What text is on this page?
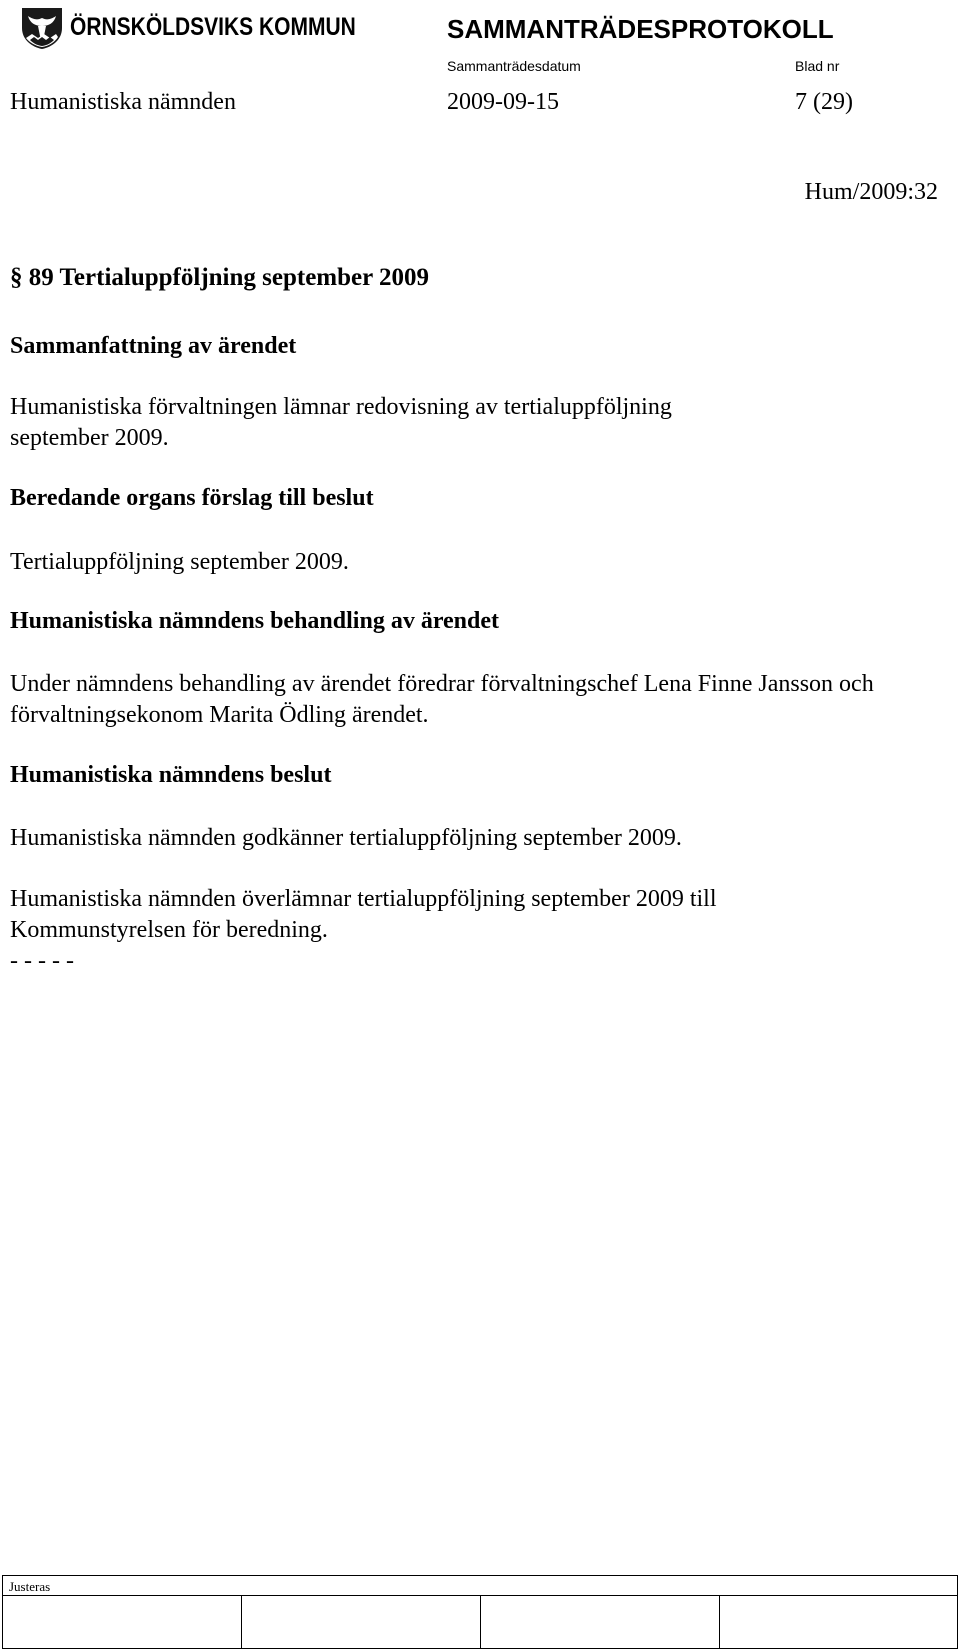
ÖRNSKÖLDSVIKS KOMMUN	SAMMANTRÄDESPROTOKOLL
Sammanträdesdatum	Blad nr
Humanistiska nämnden	2009-09-15	7 (29)
Hum/2009:32
§ 89 Tertialuppföljning september 2009
Sammanfattning av ärendet

Humanistiska förvaltningen lämnar redovisning av tertialuppföljning september 2009.

Beredande organs förslag till beslut

Tertialuppföljning september 2009.

Humanistiska nämndens behandling av ärendet

Under nämndens behandling av ärendet föredrar förvaltningschef Lena Finne Jansson och förvaltningsekonom Marita Ödling ärendet.

Humanistiska nämndens beslut

Humanistiska nämnden godkänner tertialuppföljning september 2009.

Humanistiska nämnden överlämnar tertialuppföljning september 2009 till Kommunstyrelsen för beredning.

- - - - -

Justeras
